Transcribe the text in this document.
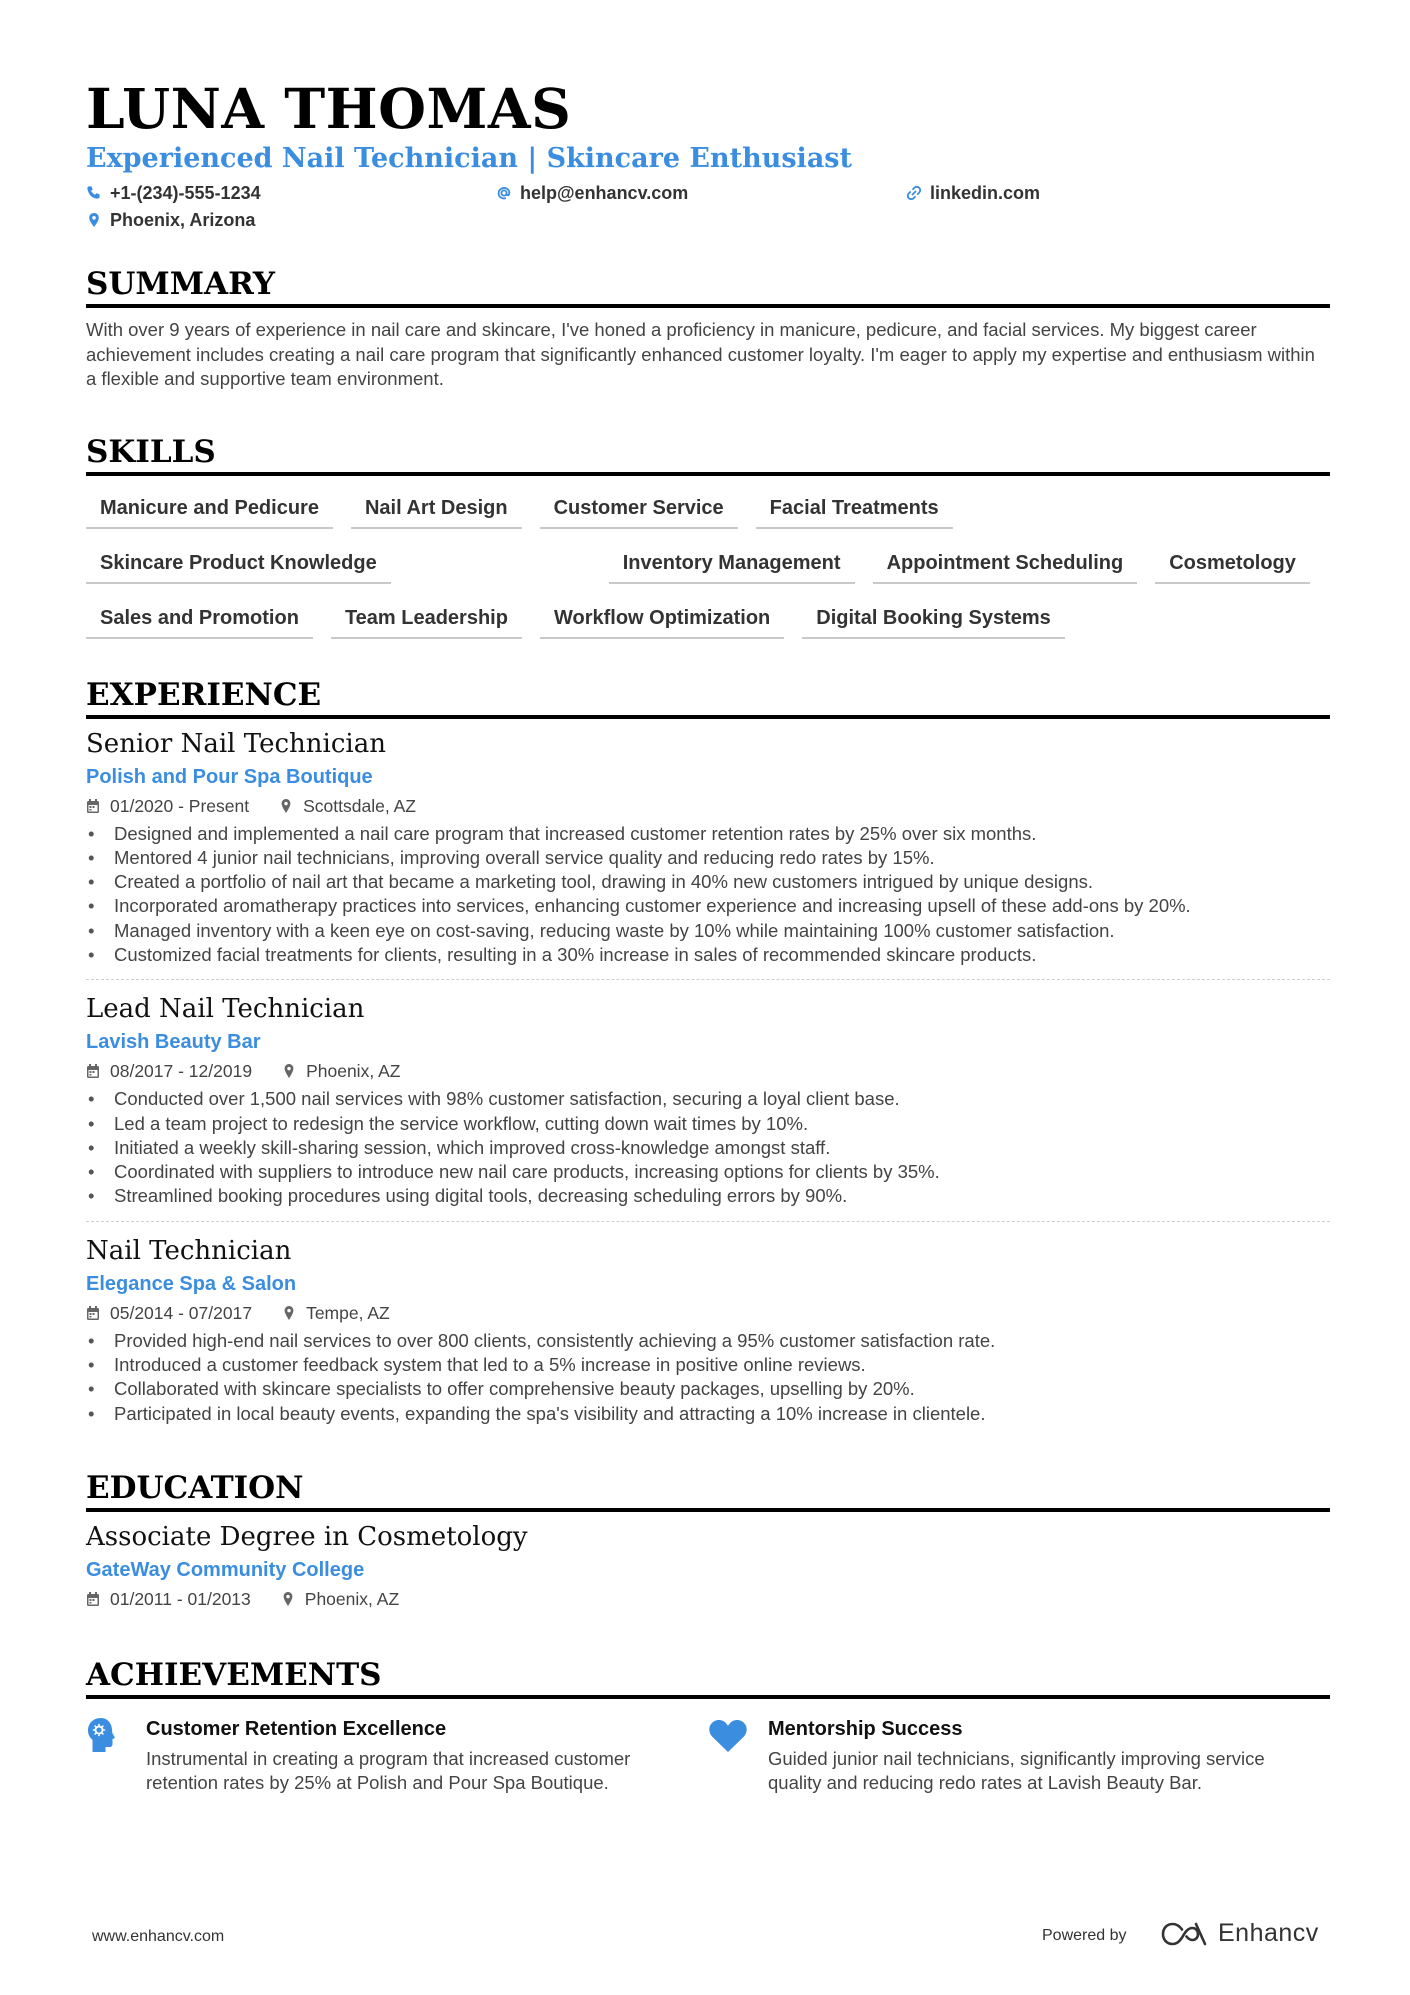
LUNA THOMAS
Experienced Nail Technician | Skincare Enthusiast
+1-(234)-555-1234	help@enhancv.com	linkedin.com
Phoenix, Arizona
SUMMARY
With over 9 years of experience in nail care and skincare, I've honed a proficiency in manicure, pedicure, and facial services. My biggest career achievement includes creating a nail care program that significantly enhanced customer loyalty. I'm eager to apply my expertise and enthusiasm within a flexible and supportive team environment.
SKILLS
Manicure and Pedicure	Nail Art Design	Customer Service	Facial Treatments
Skincare Product Knowledge	Inventory Management	Appointment Scheduling	Cosmetology
Sales and Promotion	Team Leadership	Workflow Optimization	Digital Booking Systems
EXPERIENCE
Senior Nail Technician
Polish and Pour Spa Boutique
01/2020 - Present	Scottsdale, AZ
• Designed and implemented a nail care program that increased customer retention rates by 25% over six months.
• Mentored 4 junior nail technicians, improving overall service quality and reducing redo rates by 15%.
• Created a portfolio of nail art that became a marketing tool, drawing in 40% new customers intrigued by unique designs.
• Incorporated aromatherapy practices into services, enhancing customer experience and increasing upsell of these add-ons by 20%.
• Managed inventory with a keen eye on cost-saving, reducing waste by 10% while maintaining 100% customer satisfaction.
• Customized facial treatments for clients, resulting in a 30% increase in sales of recommended skincare products.
Lead Nail Technician
Lavish Beauty Bar
08/2017 - 12/2019	Phoenix, AZ
• Conducted over 1,500 nail services with 98% customer satisfaction, securing a loyal client base.
• Led a team project to redesign the service workflow, cutting down wait times by 10%.
• Initiated a weekly skill-sharing session, which improved cross-knowledge amongst staff.
• Coordinated with suppliers to introduce new nail care products, increasing options for clients by 35%.
• Streamlined booking procedures using digital tools, decreasing scheduling errors by 90%.
Nail Technician
Elegance Spa & Salon
05/2014 - 07/2017	Tempe, AZ
• Provided high-end nail services to over 800 clients, consistently achieving a 95% customer satisfaction rate.
• Introduced a customer feedback system that led to a 5% increase in positive online reviews.
• Collaborated with skincare specialists to offer comprehensive beauty packages, upselling by 20%.
• Participated in local beauty events, expanding the spa's visibility and attracting a 10% increase in clientele.
EDUCATION
Associate Degree in Cosmetology
GateWay Community College
01/2011 - 01/2013	Phoenix, AZ
ACHIEVEMENTS
Customer Retention Excellence
Instrumental in creating a program that increased customer retention rates by 25% at Polish and Pour Spa Boutique.
Mentorship Success
Guided junior nail technicians, significantly improving service quality and reducing redo rates at Lavish Beauty Bar.
www.enhancv.com	Powered by	Enhancv
